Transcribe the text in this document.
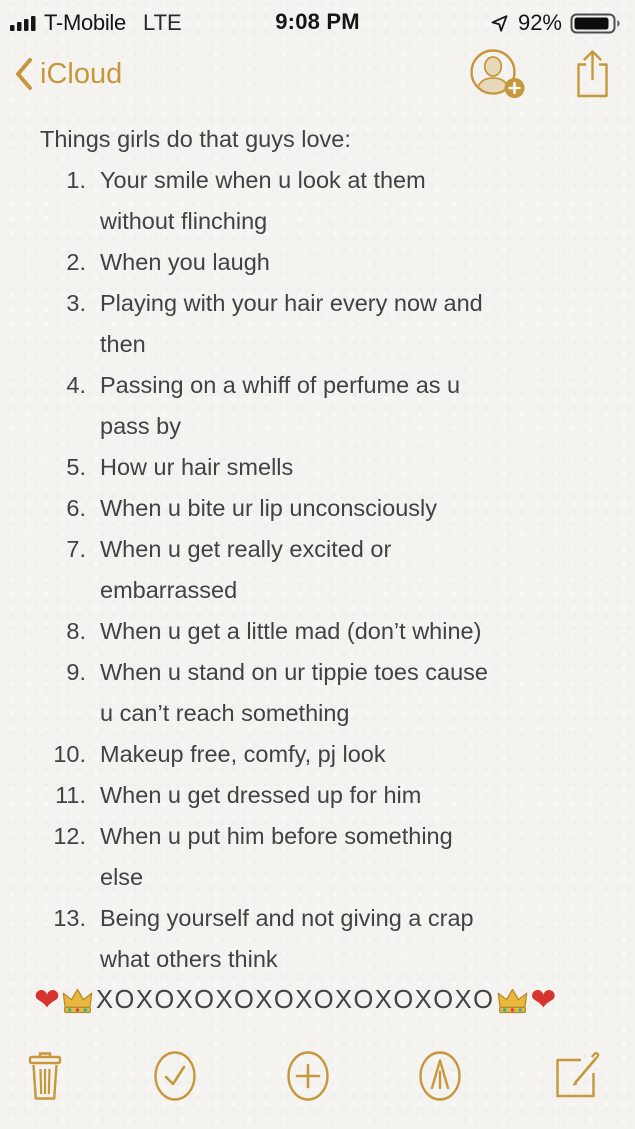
T-Mobile LTE	9:08 PM	92%
iCloud
Things girls do that guys love:
1. Your smile when u look at them
without flinching
2. When you laugh
3. Playing with your hair every now and
then
4. Passing on a whiff of perfume as u
pass by
5. How ur hair smells
6. When u bite ur lip unconsciously
7. When u get really excited or
embarrassed
8. When u get a little mad (don’t whine)
9. When u stand on ur tippie toes cause
u can’t reach something
10. Makeup free, comfy, pj look
11. When u get dressed up for him
12. When u put him before something
else
13. Being yourself and not giving a crap
what others think
❤ XOXOXOXOXOXOXOXOXOXO ❤
